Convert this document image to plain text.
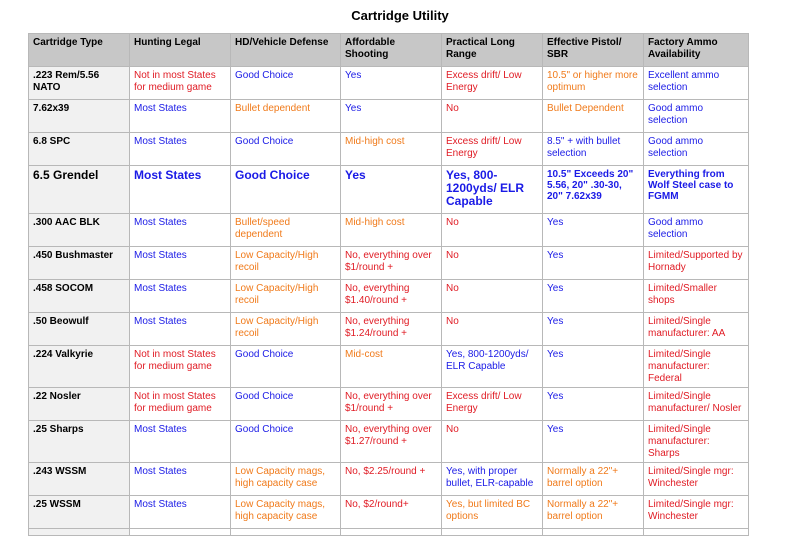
Cartridge Utility
Cartridge Type	Hunting Legal	HD/Vehicle Defense	Affordable Shooting	Practical Long Range	Effective Pistol/ SBR	Factory Ammo Availability
.223 Rem/5.56 NATO	Not in most States for medium game	Good Choice	Yes	Excess drift/ Low Energy	10.5" or higher more optimum	Excellent ammo selection
7.62x39	Most States	Bullet dependent	Yes	No	Bullet Dependent	Good ammo selection
6.8 SPC	Most States	Good Choice	Mid-high cost	Excess drift/ Low Energy	8.5" + with bullet selection	Good ammo selection
6.5 Grendel	Most States	Good Choice	Yes	Yes, 800-1200yds/ ELR Capable	10.5" Exceeds 20" 5.56, 20" .30-30, 20" 7.62x39	Everything from Wolf Steel case to FGMM
.300 AAC BLK	Most States	Bullet/speed dependent	Mid-high cost	No	Yes	Good ammo selection
.450 Bushmaster	Most States	Low Capacity/High recoil	No, everything over $1/round +	No	Yes	Limited/Supported by Hornady
.458 SOCOM	Most States	Low Capacity/High recoil	No, everything $1.40/round +	No	Yes	Limited/Smaller shops
.50 Beowulf	Most States	Low Capacity/High recoil	No, everything $1.24/round +	No	Yes	Limited/Single manufacturer: AA
.224 Valkyrie	Not in most States for medium game	Good Choice	Mid-cost	Yes, 800-1200yds/ ELR Capable	Yes	Limited/Single manufacturer: Federal
.22 Nosler	Not in most States for medium game	Good Choice	No, everything over $1/round +	Excess drift/ Low Energy	Yes	Limited/Single manufacturer/ Nosler
.25 Sharps	Most States	Good Choice	No, everything over $1.27/round +	No	Yes	Limited/Single manufacturer: Sharps
.243 WSSM	Most States	Low Capacity mags, high capacity case	No, $2.25/round +	Yes, with proper bullet, ELR-capable	Normally a 22"+ barrel option	Limited/Single mgr: Winchester
.25 WSSM	Most States	Low Capacity mags, high capacity case	No, $2/round+	Yes, but limited BC options	Normally a 22"+ barrel option	Limited/Single mgr: Winchester
